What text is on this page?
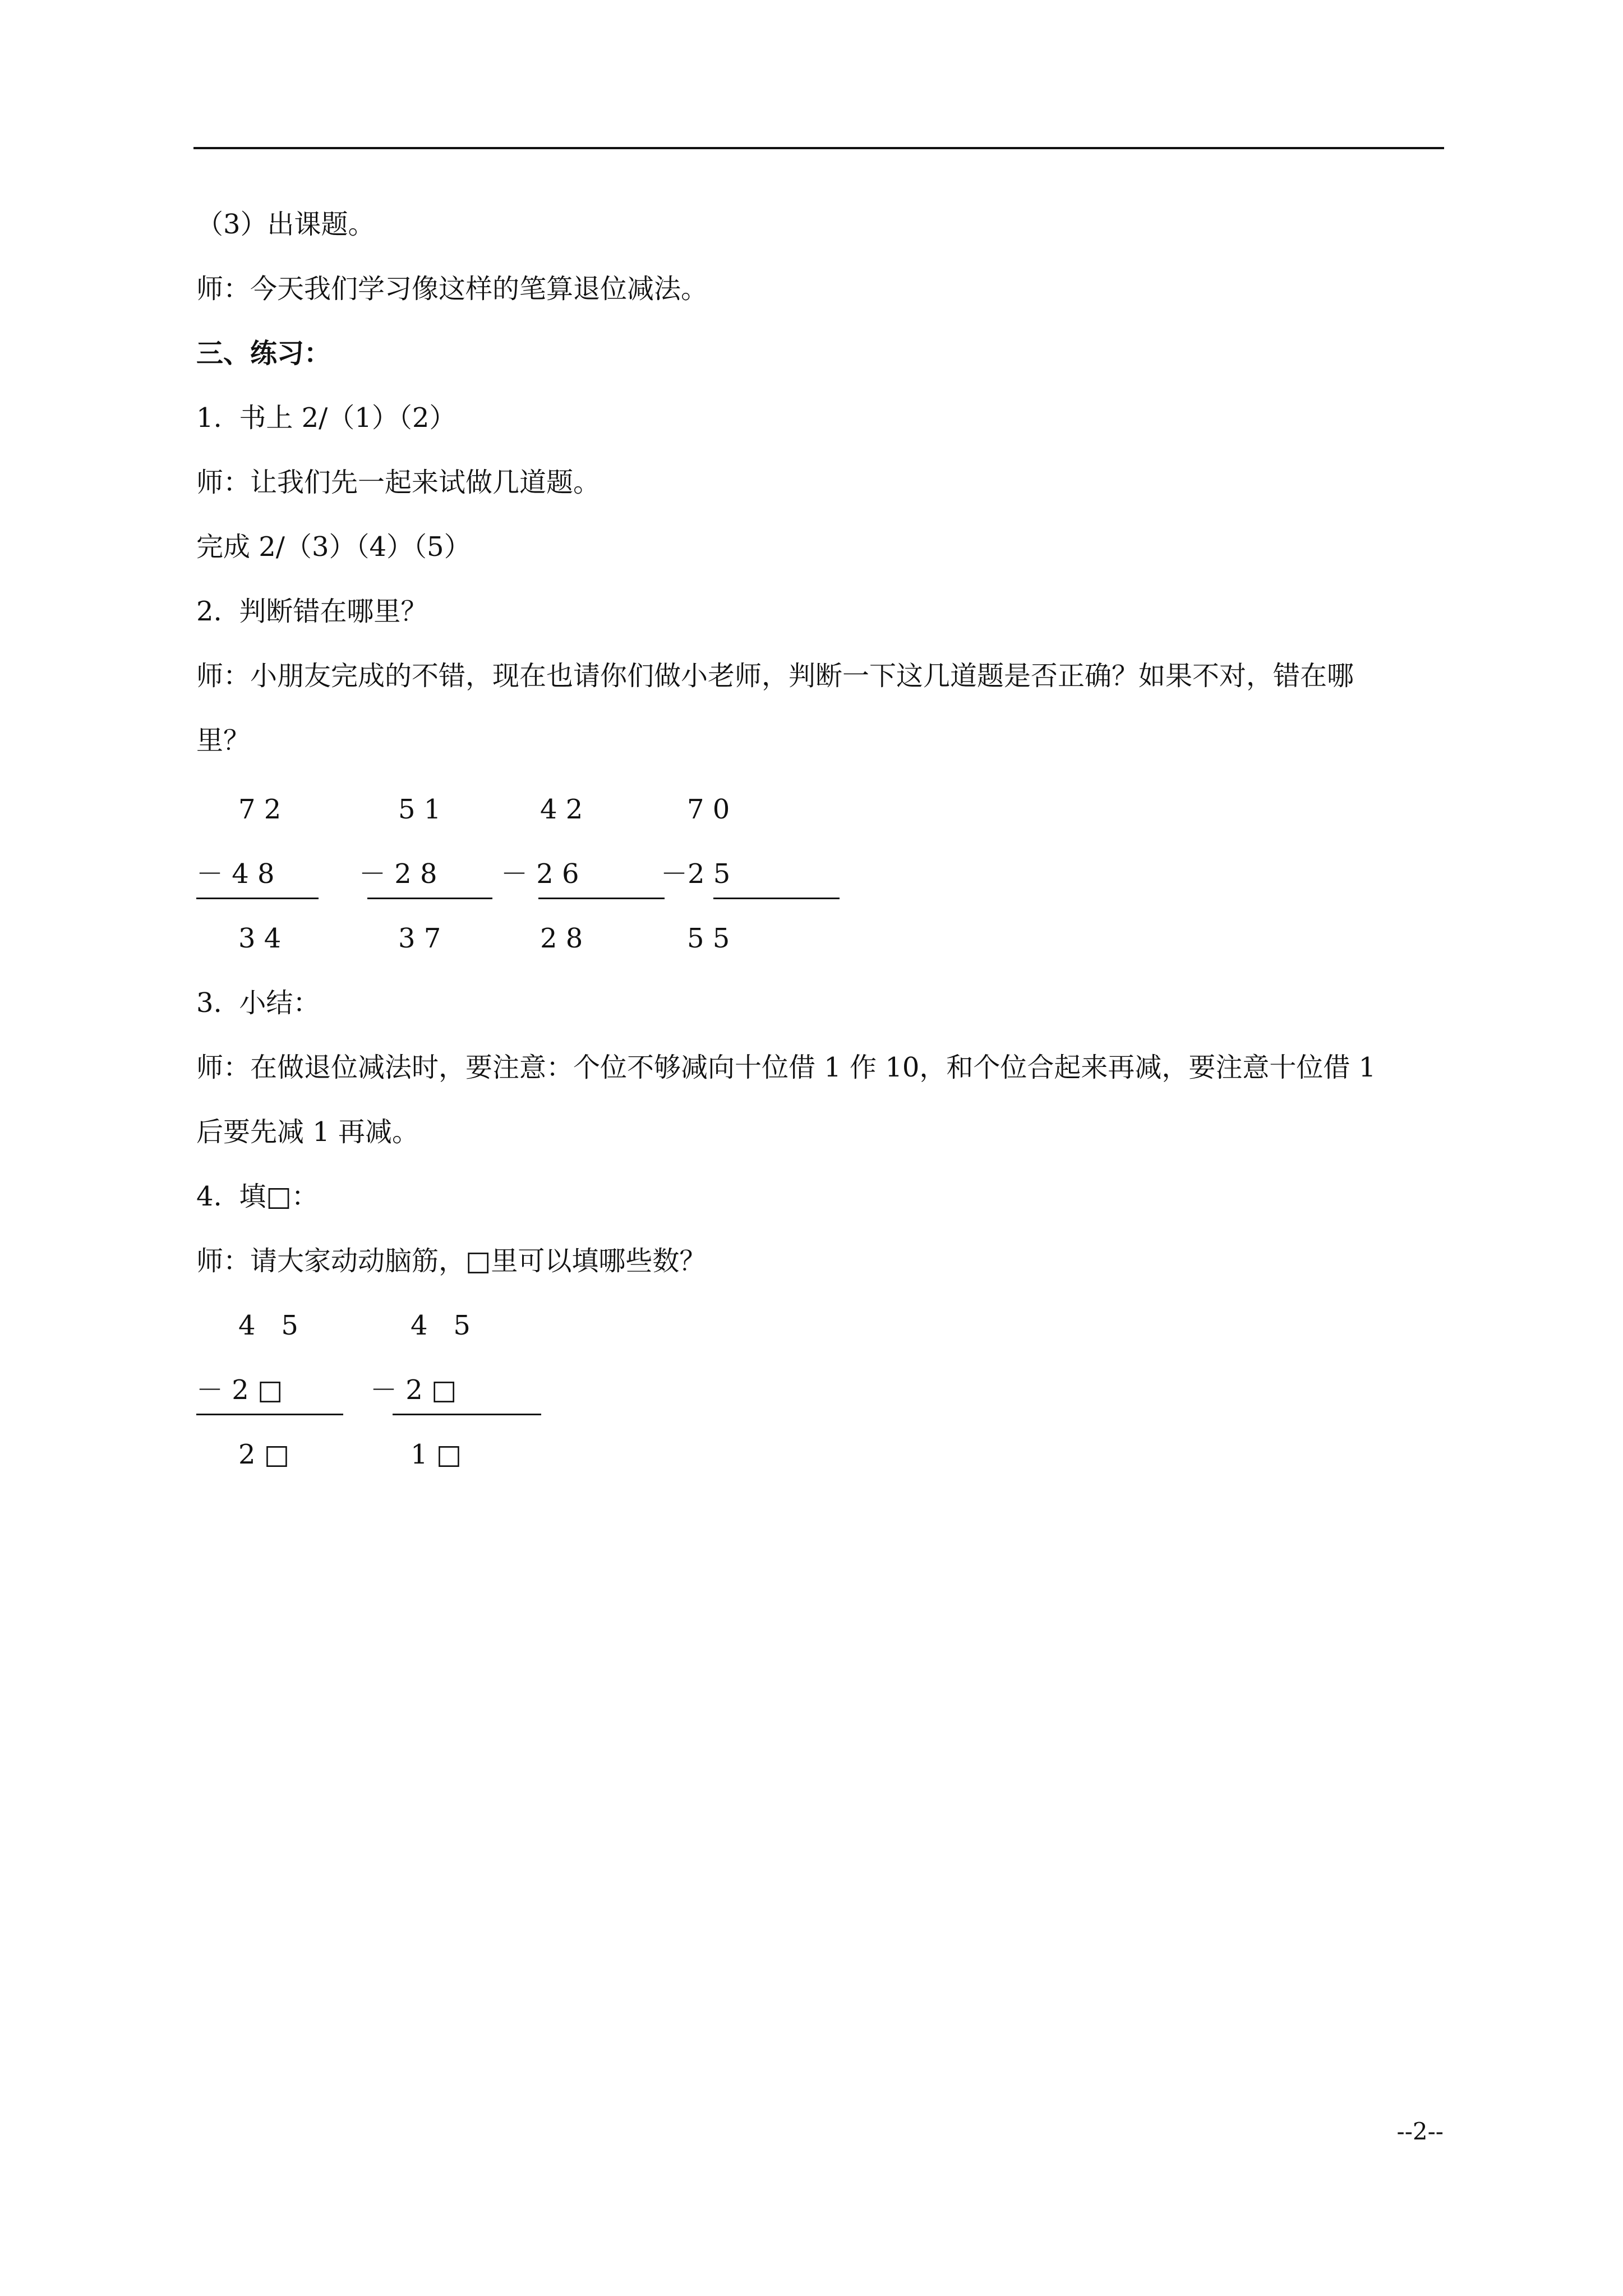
（3）出课题。
师：今天我们学习像这样的笔算退位减法。
三、练习：
1.  书上 2/（1）（2）
师：让我们先一起来试做几道题。
完成 2/（3）（4）（5）
2.  判断错在哪里？
师：小朋友完成的不错，现在也请你们做小老师，判断一下这几道题是否正确？如果不对，错在哪
里？
7 2
－ 4 8
3 4
5 1
－ 2 8
3 7
4 2
－ 2 6
2 8
7 0
－2 5
5 5
3.  小结：
师：在做退位减法时，要注意：个位不够减向十位借 1 作 10，和个位合起来再减，要注意十位借 1
后要先减 1 再减。
4.  填□：
师：请大家动动脑筋，□里可以填哪些数？
4   5
－ 2 □
2 □
4   5
－ 2 □
1 □
--2--
